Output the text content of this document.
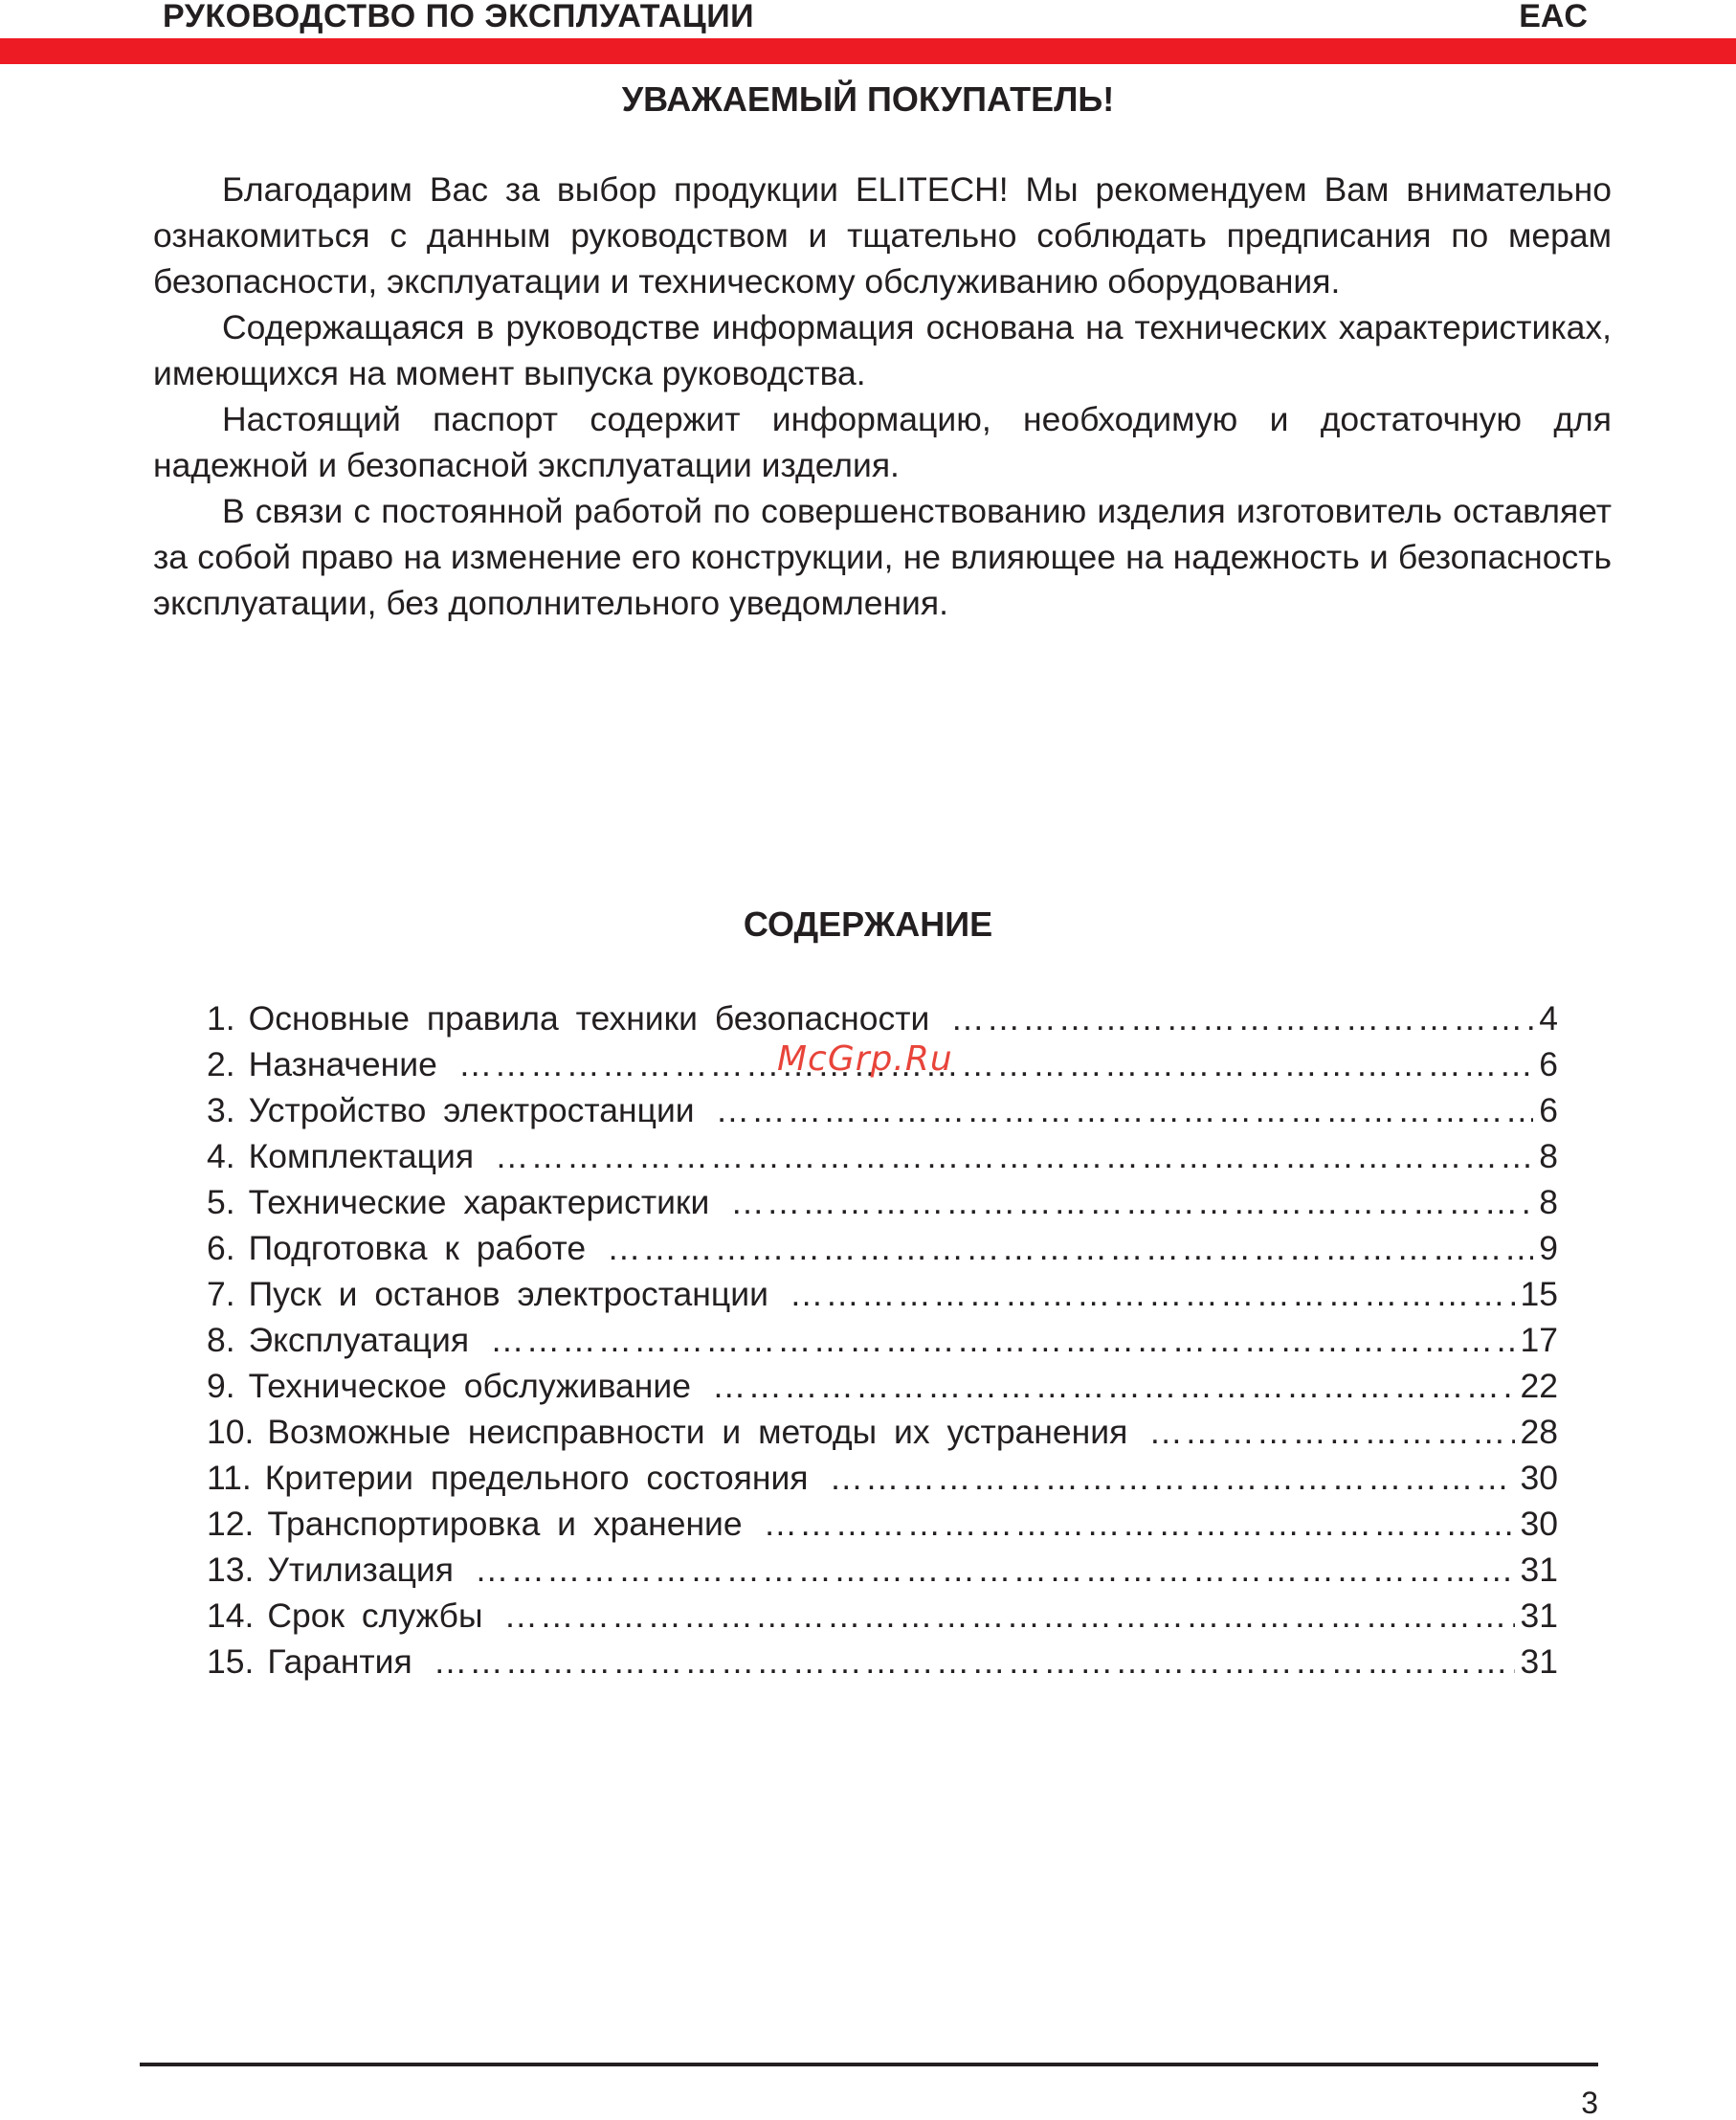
РУКОВОДСТВО ПО ЭКСПЛУАТАЦИИ	EAC
УВАЖАЕМЫЙ ПОКУПАТЕЛЬ!

Благодарим Вас за выбор продукции ELITECH! Мы рекомендуем Вам внимательно ознакомиться с данным руководством и тщательно соблюдать предписания по мерам безопасности, эксплуатации и техническому обслуживанию оборудования.

Содержащаяся в руководстве информация основана на технических характеристиках, имеющихся на момент выпуска руководства.

Настоящий паспорт содержит информацию, необходимую и достаточную для надежной и безопасной эксплуатации изделия.

В связи с постоянной работой по совершенствованию изделия изготовитель оставляет за собой право на изменение его конструкции, не влияющее на надежность и безопасность эксплуатации, без дополнительного уведомления.

СОДЕРЖАНИЕ
1. Основные правила техники безопасности ………………………………………………………………………………………………………………………………………………	4
2. Назначение ………………………………………………………………………………………………………………………………………………	6
3. Устройство электростанции ………………………………………………………………………………………………………………………………………………	6
4. Комплектация ………………………………………………………………………………………………………………………………………………	8
5. Технические характеристики ………………………………………………………………………………………………………………………………………………	8
6. Подготовка к работе ………………………………………………………………………………………………………………………………………………	9
7. Пуск и останов электростанции ………………………………………………………………………………………………………………………………………………	15
8. Эксплуатация ………………………………………………………………………………………………………………………………………………	17
9. Техническое обслуживание ………………………………………………………………………………………………………………………………………………	22
10. Возможные неисправности и методы их устранения ………………………………………………………………………………………………………………………………………………	28
11. Критерии предельного состояния ………………………………………………………………………………………………………………………………………………	30
12. Транспортировка и хранение ………………………………………………………………………………………………………………………………………………	30
13. Утилизация ………………………………………………………………………………………………………………………………………………	31
14. Срок службы ………………………………………………………………………………………………………………………………………………	31
15. Гарантия ………………………………………………………………………………………………………………………………………………	31
McGrp.Ru
3
